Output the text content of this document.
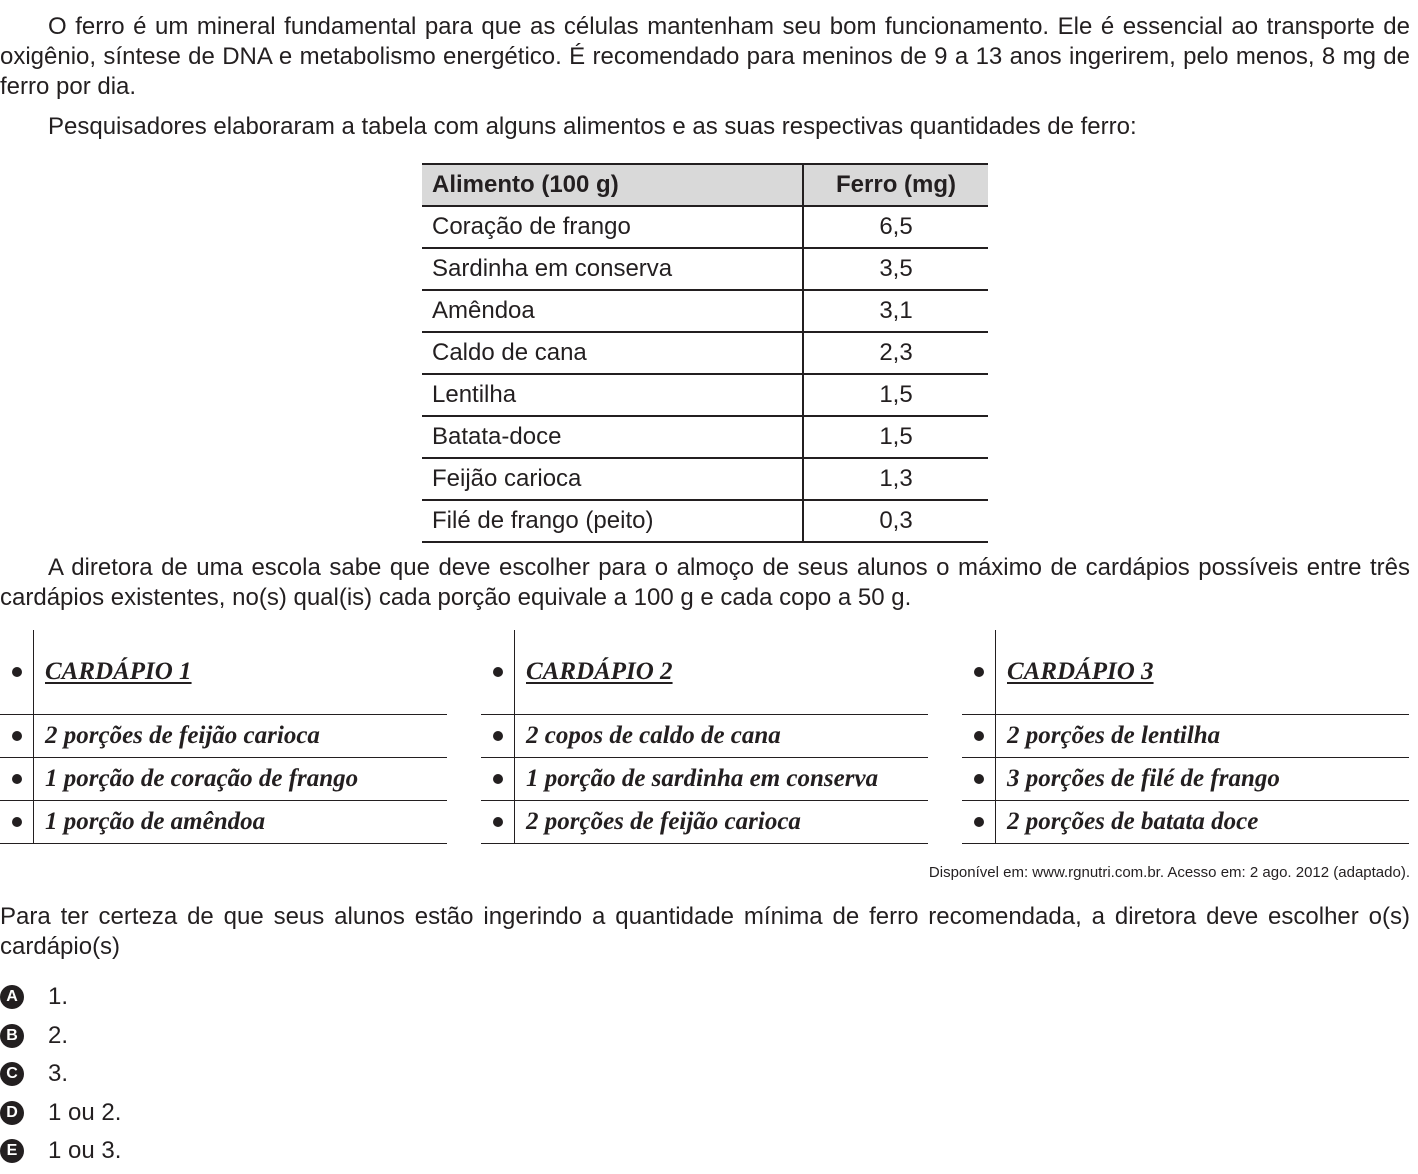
O ferro é um mineral fundamental para que as células mantenham seu bom funcionamento. Ele é essencial ao transporte de oxigênio, síntese de DNA e metabolismo energético. É recomendado para meninos de 9 a 13 anos ingerirem, pelo menos, 8 mg de ferro por dia.

Pesquisadores elaboraram a tabela com alguns alimentos e as suas respectivas quantidades de ferro:

Alimento (100 g)	Ferro (mg)
Coração de frango	6,5
Sardinha em conserva	3,5
Amêndoa	3,1
Caldo de cana	2,3
Lentilha	1,5
Batata-doce	1,5
Feijão carioca	1,3
Filé de frango (peito)	0,3

A diretora de uma escola sabe que deve escolher para o almoço de seus alunos o máximo de cardápios possíveis entre três cardápios existentes, no(s) qual(is) cada porção equivale a 100 g e cada copo a 50 g.

CARDÁPIO 1
2 porções de feijão carioca
1 porção de coração de frango
1 porção de amêndoa
CARDÁPIO 2
2 copos de caldo de cana
1 porção de sardinha em conserva
2 porções de feijão carioca
CARDÁPIO 3
2 porções de lentilha
3 porções de filé de frango
2 porções de batata doce
Disponível em: www.rgnutri.com.br. Acesso em: 2 ago. 2012 (adaptado).

Para ter certeza de que seus alunos estão ingerindo a quantidade mínima de ferro recomendada, a diretora deve escolher o(s) cardápio(s)

A 1.
B 2.
C 3.
D 1 ou 2.
E 1 ou 3.
